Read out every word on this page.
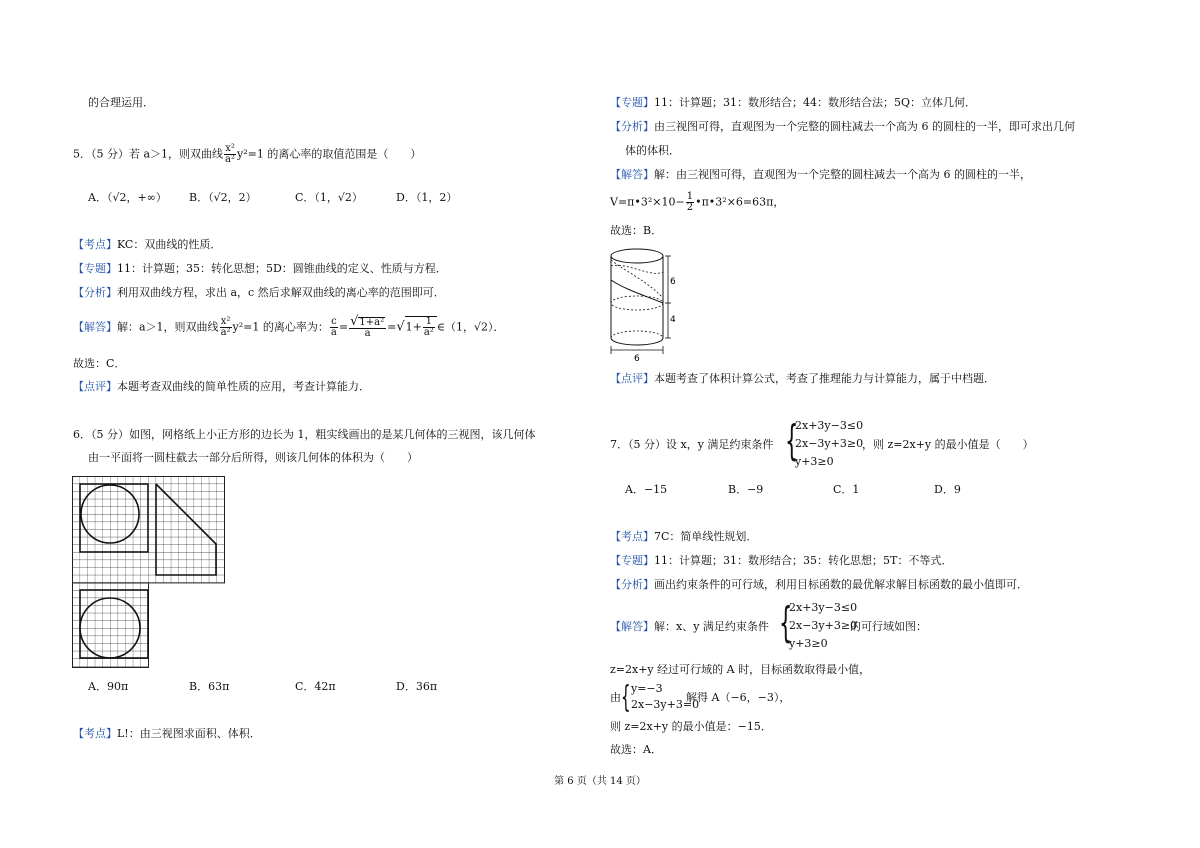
的合理运用．
5．（5 分）若 a＞1，则双曲线 $\frac{\text{x²}}{\text{a²}} y^2=1$ 的离心率的取值范围是（　　）
A．（√2，+∞） B．（√2，2）	C．（1，√2）	D．（1，2）
【考点】KC：双曲线的性质．
【专题】11：计算题；35：转化思想；5D：圆锥曲线的定义、性质与方程．
【分析】利用双曲线方程，求出 a，c 然后求解双曲线的离心率的范围即可．
【解答】解：a＞1，则双曲线 $\frac{\text{x²}}{\text{a²}} y^2=1$ 的离心率为： $\frac{c}{a} = \frac{\text{√1+a²}}{a} =√1+ \frac{1}{\text{a²}}$ ∈（1，√2）．
故选：C．
【点评】本题考查双曲线的简单性质的应用，考查计算能力．
6．（5 分）如图，网格纸上小正方形的边长为 1，粗实线画出的是某几何体的三视图，该几何体
由一平面将一圆柱截去一部分后所得，则该几何体的体积为（　　）
A．90π	B．63π	C．42π	D．36π
【考点】L!：由三视图求面积、体积．
【专题】11：计算题；31：数形结合；44：数形结合法；5Q：立体几何．
【分析】由三视图可得，直观图为一个完整的圆柱减去一个高为 6 的圆柱的一半，即可求出几何
体的体积．
【解答】解：由三视图可得，直观图为一个完整的圆柱减去一个高为 6 的圆柱的一半，
V=π•3²×10− $\frac{1}{2}$ •π•3²×6=63π，
故选：B．
6
4
6
【点评】本题考查了体积计算公式，考查了推理能力与计算能力，属于中档题．
7．（5 分）设 x，y 满足约束条件 {
2x+3y−3≤0
2x−3y+3≥0
y+3≥0
，则 z=2x+y 的最小值是（　　）
A．−15	B．−9	C．1	D．9
【考点】7C：简单线性规划．
【专题】11：计算题；31：数形结合；35：转化思想；5T：不等式．
【分析】画出约束条件的可行域，利用目标函数的最优解求解目标函数的最小值即可．
【解答】解：x、y 满足约束条件 {
2x+3y−3≤0
2x−3y+3≥0
y+3≥0
的可行域如图：
z=2x+y 经过可行域的 A 时，目标函数取得最小值，
由 { y=−3
2x−3y+3=0
解得 A（−6，−3），
则 z=2x+y 的最小值是：−15．
故选：A．
第 6 页（共 14 页）
